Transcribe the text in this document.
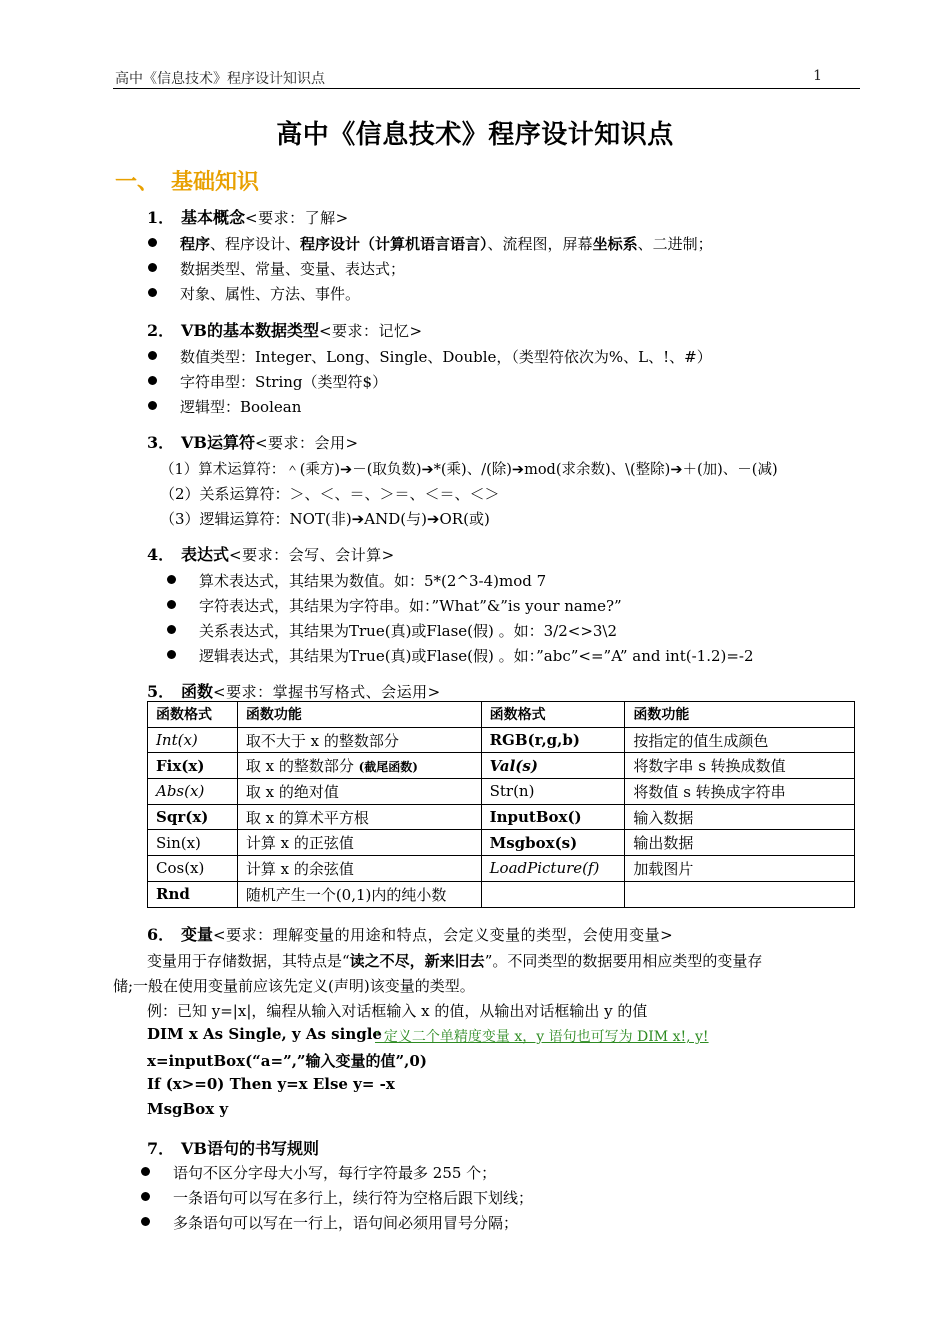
高中《信息技术》程序设计知识点	1
高中《信息技术》程序设计知识点
一、 基础知识
1． 基本概念<要求：了解>
程序、程序设计、程序设计（计算机语言语言）、流程图，屏幕坐标系、二进制；
数据类型、常量、变量、表达式；
对象、属性、方法、事件。
2． VB的基本数据类型<要求：记忆>
数值类型：Integer、Long、Single、Double，（类型符依次为%、L、!、#）
字符串型：String（类型符$）
逻辑型：Boolean
3． VB运算符<要求：会用>
（1）算术运算符：＾(乘方)➔－(取负数)➔*(乘)、/(除)➔mod(求余数)、\(整除)➔＋(加)、－(减)
（2）关系运算符：＞、＜、＝、＞＝、＜＝、＜＞
（3）逻辑运算符：NOT(非)➔AND(与)➔OR(或)
4． 表达式<要求：会写、会计算>
算术表达式，其结果为数值。如：5*(2^3-4)mod 7
字符表达式，其结果为字符串。如：”What”&”is your name?”
关系表达式，其结果为True(真)或Flase(假) 。如：3/2<>3\2
逻辑表达式，其结果为True(真)或Flase(假) 。如：”abc”<=”A” and int(-1.2)=-2
5． 函数<要求：掌握书写格式、会运用>
函数格式	函数功能	函数格式	函数功能
Int(x)	取不大于 x 的整数部分	RGB(r,g,b)	按指定的值生成颜色
Fix(x)	取 x 的整数部分 (截尾函数)	Val(s)	将数字串 s 转换成数值
Abs(x)	取 x 的绝对值	Str(n)	将数值 s 转换成字符串
Sqr(x)	取 x 的算术平方根	InputBox()	输入数据
Sin(x)	计算 x 的正弦值	Msgbox(s)	输出数据
Cos(x)	计算 x 的余弦值	LoadPicture(f)	加载图片
Rnd	随机产生一个(0,1)内的纯小数		
6． 变量<要求：理解变量的用途和特点，会定义变量的类型，会使用变量>
变量用于存储数据，其特点是“读之不尽，新来旧去”。不同类型的数据要用相应类型的变量存
储;一般在使用变量前应该先定义(声明)该变量的类型。
例：已知 y=|x|，编程从输入对话框输入 x 的值，从输出对话框输出 y 的值
DIM x As Single, y As single
‘ 定义二个单精度变量 x，y 语句也可写为 DIM x!, y!
x=inputBox(“a=”,”输入变量的值”,0)
If (x>=0) Then y=x Else y= -x
MsgBox y
7． VB语句的书写规则
语句不区分字母大小写，每行字符最多 255 个；
一条语句可以写在多行上，续行符为空格后跟下划线；
多条语句可以写在一行上，语句间必须用冒号分隔；
